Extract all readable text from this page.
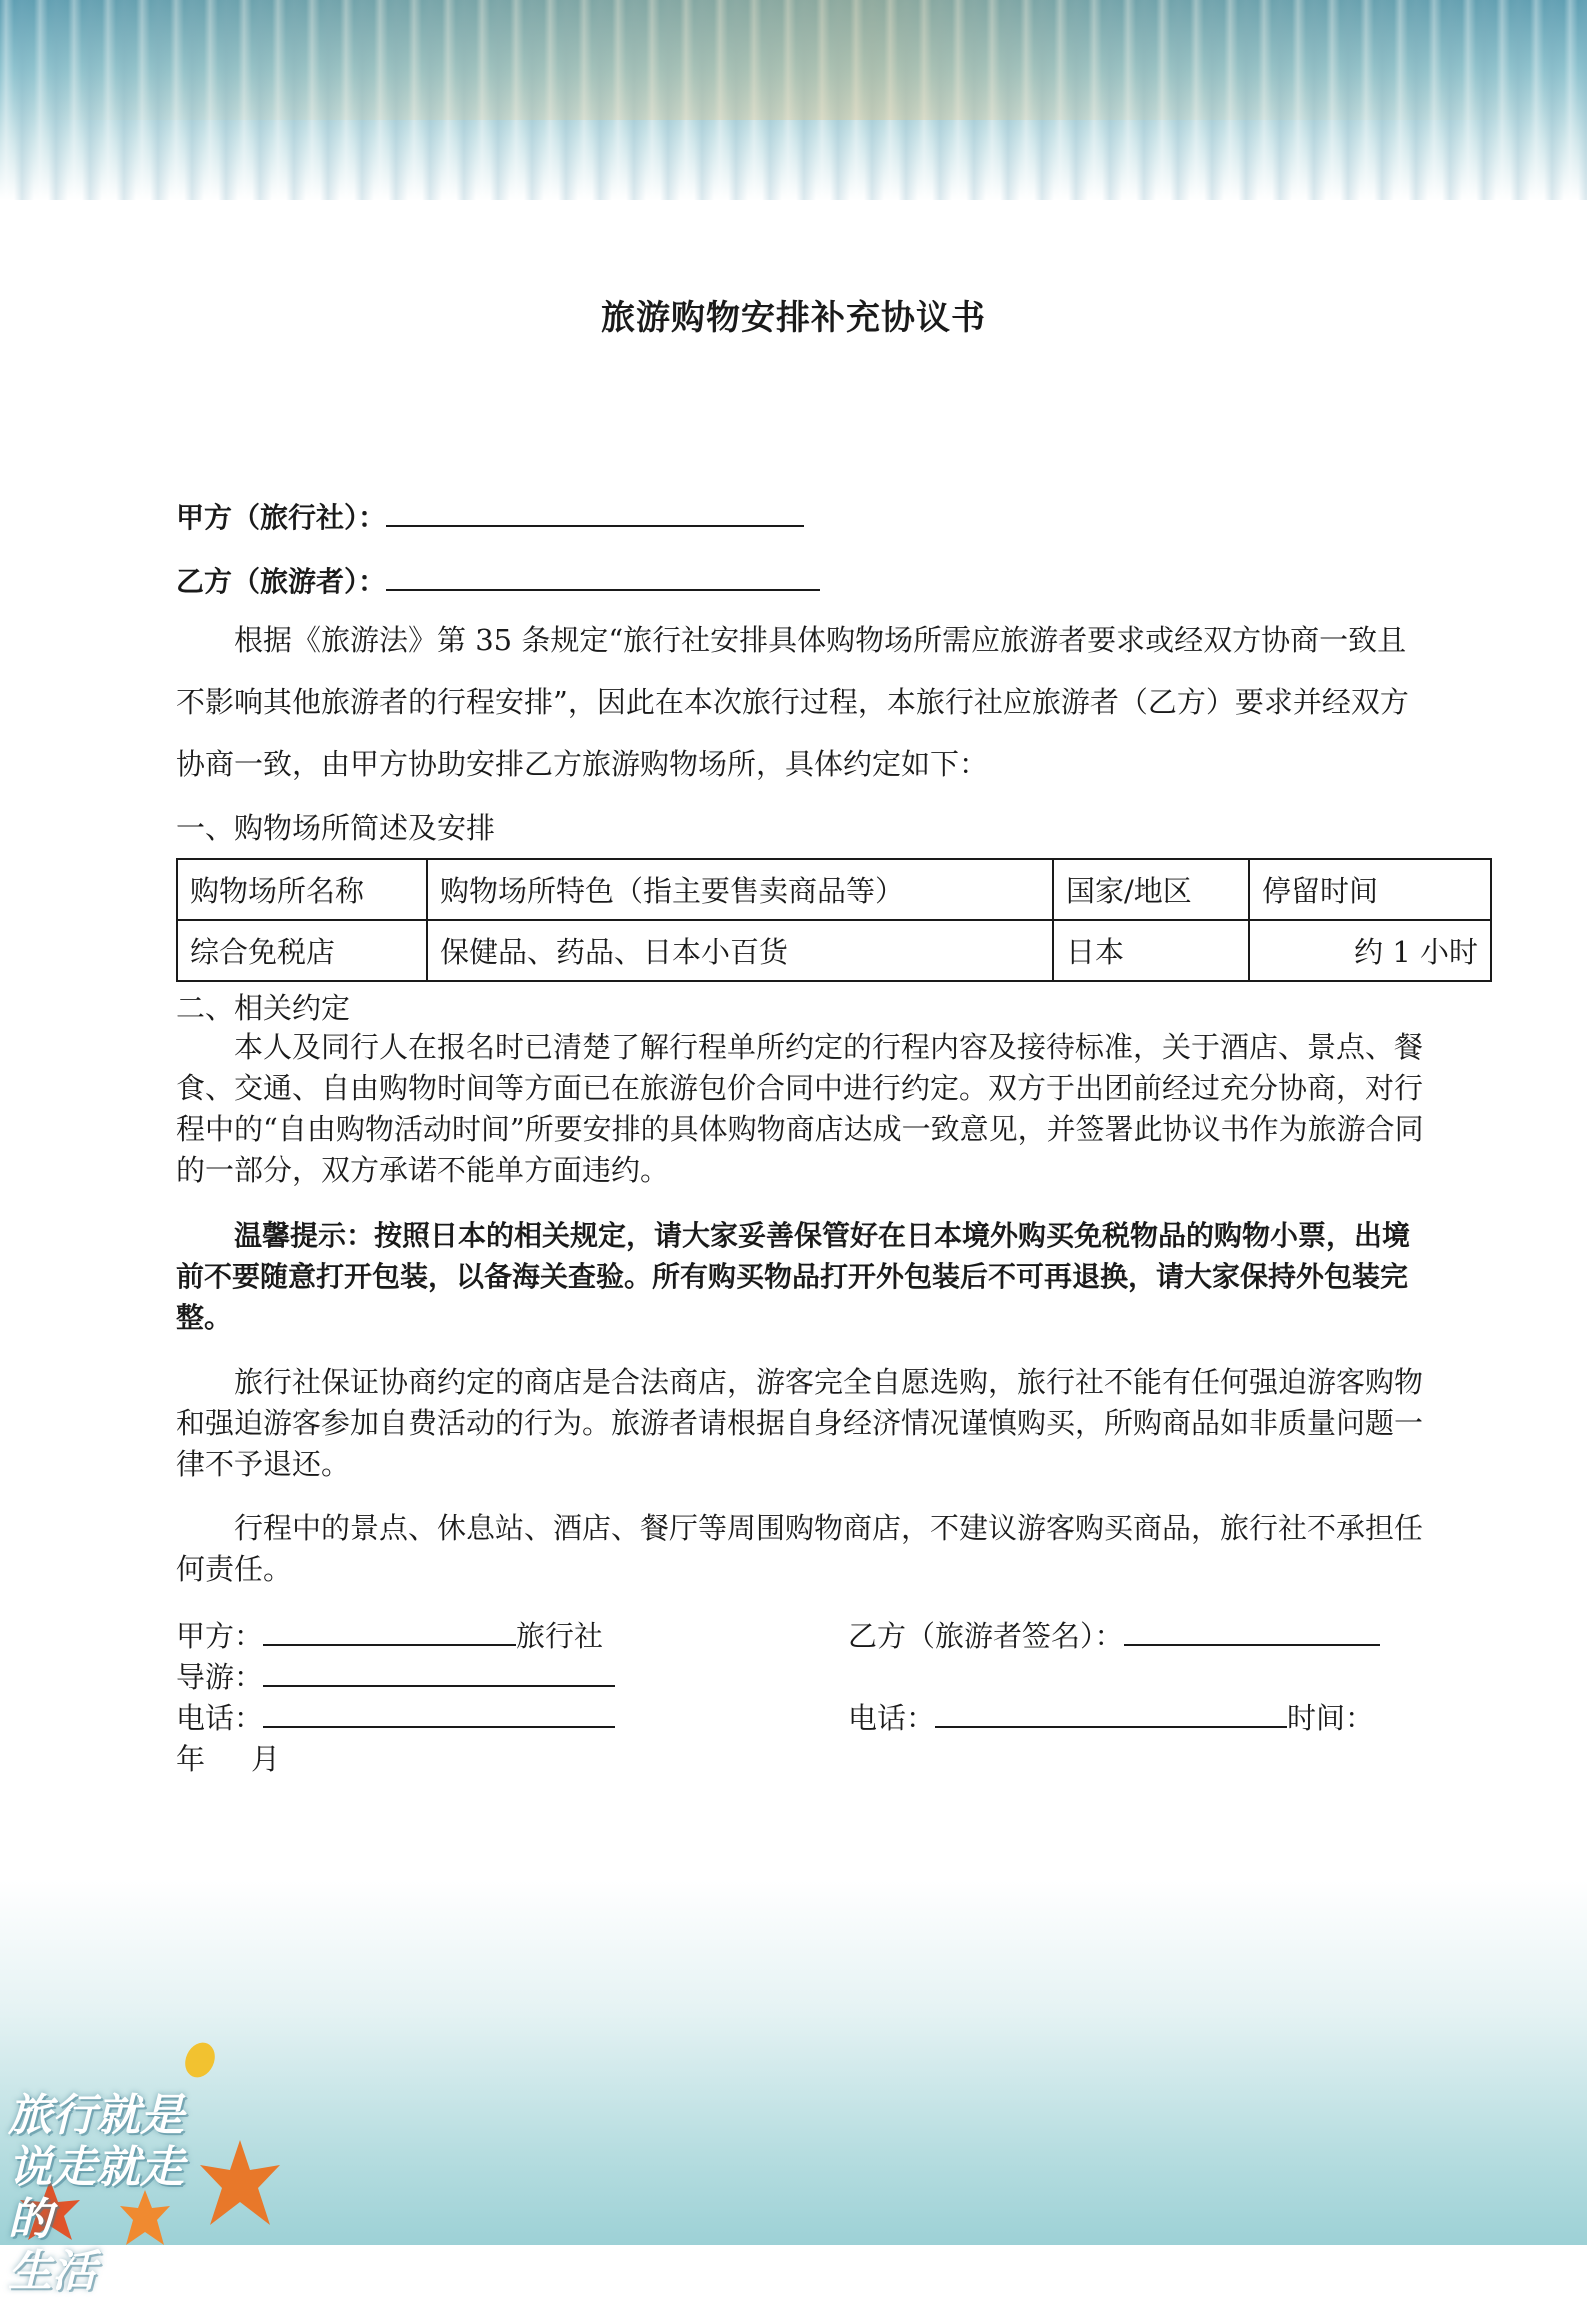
旅行就是
说走就走的
生活
旅游购物安排补充协议书
甲方（旅行社）：
乙方（旅游者）：
根据《旅游法》第 35 条规定“旅行社安排具体购物场所需应旅游者要求或经双方协商一致且不影响其他旅游者的行程安排”，因此在本次旅行过程，本旅行社应旅游者（乙方）要求并经双方协商一致，由甲方协助安排乙方旅游购物场所，具体约定如下：
一、购物场所简述及安排
购物场所名称	购物场所特色（指主要售卖商品等）	国家/地区	停留时间
综合免税店	保健品、药品、日本小百货	日本	约 1 小时
二、相关约定
本人及同行人在报名时已清楚了解行程单所约定的行程内容及接待标准，关于酒店、景点、餐食、交通、自由购物时间等方面已在旅游包价合同中进行约定。双方于出团前经过充分协商，对行程中的“自由购物活动时间”所要安排的具体购物商店达成一致意见，并签署此协议书作为旅游合同的一部分，双方承诺不能单方面违约。
温馨提示：按照日本的相关规定，请大家妥善保管好在日本境外购买免税物品的购物小票，出境前不要随意打开包装，以备海关查验。所有购买物品打开外包装后不可再退换，请大家保持外包装完整。
旅行社保证协商约定的商店是合法商店，游客完全自愿选购，旅行社不能有任何强迫游客购物和强迫游客参加自费活动的行为。旅游者请根据自身经济情况谨慎购买，所购商品如非质量问题一律不予退还。
行程中的景点、休息站、酒店、餐厅等周围购物商店，不建议游客购买商品，旅行社不承担任何责任。
甲方：	旅行社	乙方（旅游者签名）：
导游：
电话：	电话：	时间：
年 月
